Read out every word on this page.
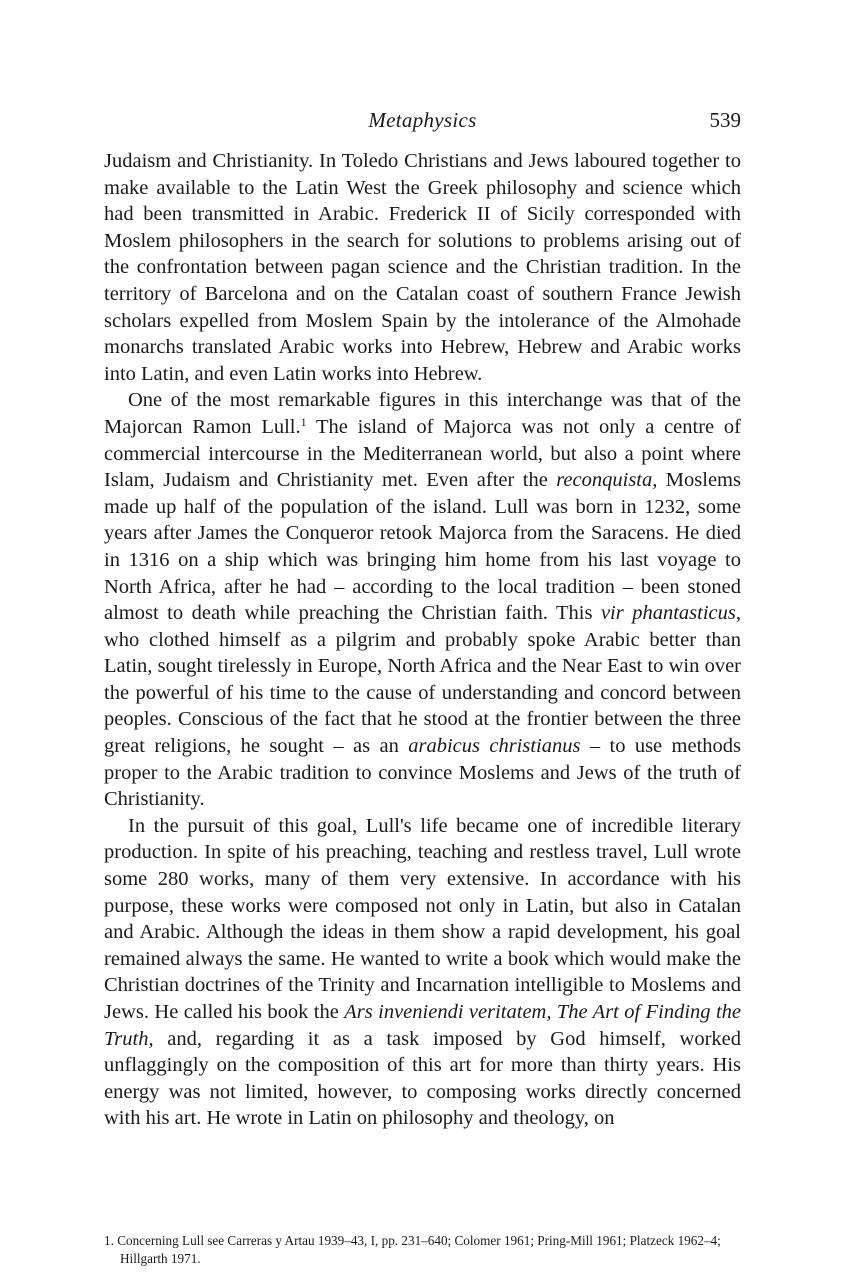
Metaphysics	539

Judaism and Christianity. In Toledo Christians and Jews laboured together to make available to the Latin West the Greek philosophy and science which had been transmitted in Arabic. Frederick II of Sicily corresponded with Moslem philosophers in the search for solutions to problems arising out of the confrontation between pagan science and the Christian tradition. In the territory of Barcelona and on the Catalan coast of southern France Jewish scholars expelled from Moslem Spain by the intolerance of the Almohade monarchs translated Arabic works into Hebrew, Hebrew and Arabic works into Latin, and even Latin works into Hebrew.

One of the most remarkable figures in this interchange was that of the Majorcan Ramon Lull.$^1$ The island of Majorca was not only a centre of commercial intercourse in the Mediterranean world, but also a point where Islam, Judaism and Christianity met. Even after the reconquista, Moslems made up half of the population of the island. Lull was born in 1232, some years after James the Conqueror retook Majorca from the Saracens. He died in 1316 on a ship which was bringing him home from his last voyage to North Africa, after he had – according to the local tradition – been stoned almost to death while preaching the Christian faith. This vir phantasticus, who clothed himself as a pilgrim and probably spoke Arabic better than Latin, sought tirelessly in Europe, North Africa and the Near East to win over the powerful of his time to the cause of understanding and concord between peoples. Conscious of the fact that he stood at the frontier between the three great religions, he sought – as an arabicus christianus – to use methods proper to the Arabic tradition to convince Moslems and Jews of the truth of Christianity.

In the pursuit of this goal, Lull's life became one of incredible literary production. In spite of his preaching, teaching and restless travel, Lull wrote some 280 works, many of them very extensive. In accordance with his purpose, these works were composed not only in Latin, but also in Catalan and Arabic. Although the ideas in them show a rapid development, his goal remained always the same. He wanted to write a book which would make the Christian doctrines of the Trinity and Incarnation intelligible to Moslems and Jews. He called his book the Ars inveniendi veritatem, The Art of Finding the Truth, and, regarding it as a task imposed by God himself, worked unflaggingly on the composition of this art for more than thirty years. His energy was not limited, however, to composing works directly concerned with his art. He wrote in Latin on philosophy and theology, on

1. Concerning Lull see Carreras y Artau 1939–43, I, pp. 231–640; Colomer 1961; Pring-Mill 1961; Platzeck 1962–4; Hillgarth 1971.
